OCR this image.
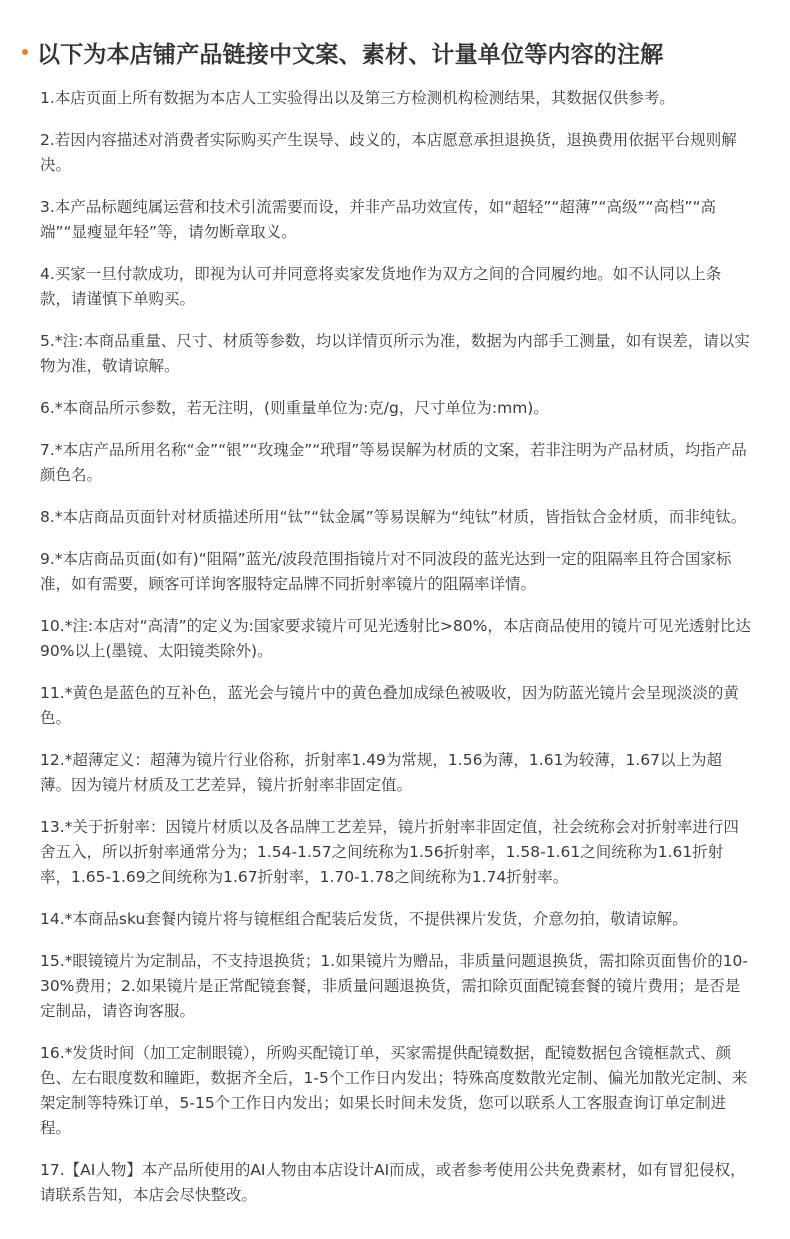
以下为本店铺产品链接中文案、素材、计量单位等内容的注解

1.本店页面上所有数据为本店人工实验得出以及第三方检测机构检测结果，其数据仅供参考。

2.若因内容描述对消费者实际购买产生误导、歧义的，本店愿意承担退换货，退换费用依据平台规则解决。

3.本产品标题纯属运营和技术引流需要而设，并非产品功效宣传，如“超轻”“超薄”“高级”“高档”“高端”“显瘦显年轻”等，请勿断章取义。

4.买家一旦付款成功，即视为认可并同意将卖家发货地作为双方之间的合同履约地。如不认同以上条款，请谨慎下单购买。

5.*注:本商品重量、尺寸、材质等参数，均以详情页所示为准，数据为内部手工测量，如有误差，请以实物为准，敬请谅解。

6.*本商品所示参数，若无注明，(则重量单位为:克/g，尺寸单位为:mm)。

7.*本店产品所用名称“金”“银”“玫瑰金”“玳瑁”等易误解为材质的文案，若非注明为产品材质，均指产品颜色名。

8.*本店商品页面针对材质描述所用“钛”“钛金属”等易误解为“纯钛”材质，皆指钛合金材质，而非纯钛。

9.*本店商品页面(如有)“阻隔”蓝光/波段范围指镜片对不同波段的蓝光达到一定的阻隔率且符合国家标准，如有需要，顾客可详询客服特定品牌不同折射率镜片的阻隔率详情。

10.*注:本店对“高清”的定义为:国家要求镜片可见光透射比>80%，本店商品使用的镜片可见光透射比达90%以上(墨镜、太阳镜类除外)。

11.*黄色是蓝色的互补色，蓝光会与镜片中的黄色叠加成绿色被吸收，因为防蓝光镜片会呈现淡淡的黄色。

12.*超薄定义：超薄为镜片行业俗称，折射率1.49为常规，1.56为薄，1.61为较薄，1.67以上为超薄。因为镜片材质及工艺差异，镜片折射率非固定值。

13.*关于折射率：因镜片材质以及各品牌工艺差异，镜片折射率非固定值，社会统称会对折射率进行四舍五入，所以折射率通常分为；1.54-1.57之间统称为1.56折射率，1.58-1.61之间统称为1.61折射率，1.65-1.69之间统称为1.67折射率，1.70-1.78之间统称为1.74折射率。

14.*本商品sku套餐内镜片将与镜框组合配装后发货，不提供裸片发货，介意勿拍，敬请谅解。

15.*眼镜镜片为定制品，不支持退换货；1.如果镜片为赠品，非质量问题退换货，需扣除页面售价的10-30%费用；2.如果镜片是正常配镜套餐，非质量问题退换货，需扣除页面配镜套餐的镜片费用；是否是定制品，请咨询客服。

16.*发货时间（加工定制眼镜），所购买配镜订单，买家需提供配镜数据，配镜数据包含镜框款式、颜色、左右眼度数和瞳距，数据齐全后，1-5个工作日内发出；特殊高度数散光定制、偏光加散光定制、来架定制等特殊订单，5-15个工作日内发出；如果长时间未发货，您可以联系人工客服查询订单定制进程。

17.【AI人物】本产品所使用的AI人物由本店设计AI而成，或者参考使用公共免费素材，如有冒犯侵权，请联系告知，本店会尽快整改。
